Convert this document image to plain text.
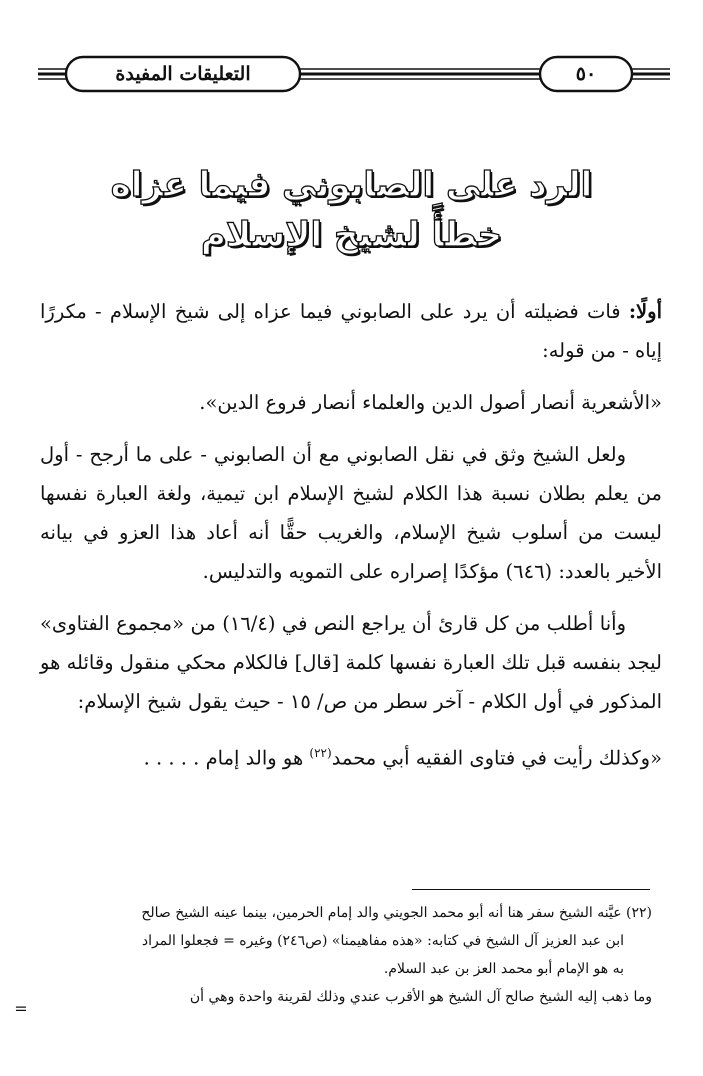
التعليقات المفيدة	٥٠
الرد على الصابوني فيما عزاه
خطأً لشيخ الإسلام

أولًا: فات فضيلته أن يرد على الصابوني فيما عزاه إلى شيخ الإسلام - مكررًا إياه - من قوله:

«الأشعرية أنصار أصول الدين والعلماء أنصار فروع الدين».

ولعل الشيخ وثق في نقل الصابوني مع أن الصابوني - على ما أرجح - أول من يعلم بطلان نسبة هذا الكلام لشيخ الإسلام ابن تيمية، ولغة العبارة نفسها ليست من أسلوب شيخ الإسلام، والغريب حقًّا أنه أعاد هذا العزو في بيانه الأخير بالعدد: (٦٤٦) مؤكدًا إصراره على التمويه والتدليس.

وأنا أطلب من كل قارئ أن يراجع النص في (١٦/٤) من «مجموع الفتاوى» ليجد بنفسه قبل تلك العبارة نفسها كلمة [قال] فالكلام محكي منقول وقائله هو المذكور في أول الكلام - آخر سطر من ص/ ١٥ - حيث يقول شيخ الإسلام:

«وكذلك رأيت في فتاوى الفقيه أبي محمد$^{(٢٢)}$ هو والد إمام . . . . .

(٢٢) عيَّنه الشيخ سفر هنا أنه أبو محمد الجويني والد إمام الحرمين، بينما عينه الشيخ صالح

ابن عبد العزيز آل الشيخ في كتابه: «هذه مفاهيمنا» (ص٢٤٦) وغيره = فجعلوا المراد

به هو الإمام أبو محمد العز بن عبد السلام.

وما ذهب إليه الشيخ صالح آل الشيخ هو الأقرب عندي وذلك لقرينة واحدة وهي أن

=
